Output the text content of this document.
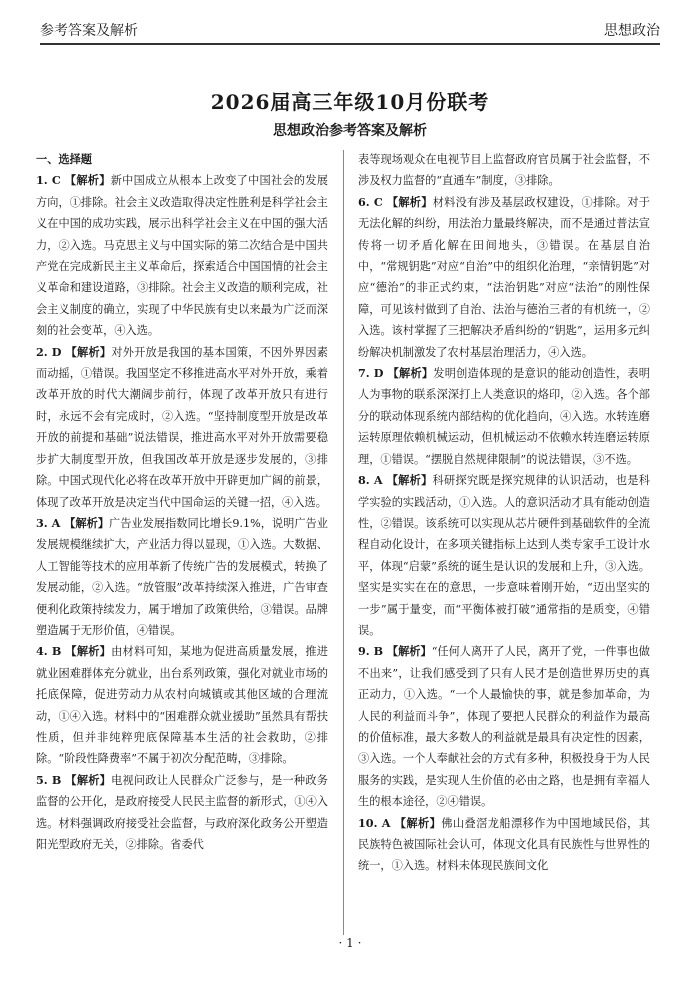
参考答案及解析	思想政治
2026届高三年级10月份联考
思想政治参考答案及解析
一、选择题

1. C 【解析】新中国成立从根本上改变了中国社会的发展方向，①排除。社会主义改造取得决定性胜利是科学社会主义在中国的成功实践，展示出科学社会主义在中国的强大活力，②入选。马克思主义与中国实际的第二次结合是中国共产党在完成新民主主义革命后，探索适合中国国情的社会主义革命和建设道路，③排除。社会主义改造的顺利完成，社会主义制度的确立，实现了中华民族有史以来最为广泛而深刻的社会变革，④入选。

2. D 【解析】对外开放是我国的基本国策，不因外界因素而动摇，①错误。我国坚定不移推进高水平对外开放，乘着改革开放的时代大潮阔步前行，体现了改革开放只有进行时，永远不会有完成时，②入选。“坚持制度型开放是改革开放的前提和基础”说法错误，推进高水平对外开放需要稳步扩大制度型开放，但我国改革开放是逐步发展的，③排除。中国式现代化必将在改革开放中开辟更加广阔的前景，体现了改革开放是决定当代中国命运的关键一招，④入选。

3. A 【解析】广告业发展指数同比增长9.1%，说明广告业发展规模继续扩大，产业活力得以显现，①入选。大数据、人工智能等技术的应用革新了传统广告的发展模式，转换了发展动能，②入选。“放管服”改革持续深入推进，广告审查便利化政策持续发力，属于增加了政策供给，③错误。品牌塑造属于无形价值，④错误。

4. B 【解析】由材料可知，某地为促进高质量发展，推进就业困难群体充分就业，出台系列政策，强化对就业市场的托底保障，促进劳动力从农村向城镇或其他区域的合理流动，①④入选。材料中的“困难群众就业援助”虽然具有帮扶性质，但并非纯粹兜底保障基本生活的社会救助，②排除。“阶段性降费率”不属于初次分配范畴，③排除。

5. B 【解析】电视问政让人民群众广泛参与，是一种政务监督的公开化，是政府接受人民民主监督的新形式，①④入选。材料强调政府接受社会监督，与政府深化政务公开塑造阳光型政府无关，②排除。省委代

表等现场观众在电视节目上监督政府官员属于社会监督，不涉及权力监督的“直通车”制度，③排除。

6. C 【解析】材料没有涉及基层政权建设，①排除。对于无法化解的纠纷，用法治力量最终解决，而不是通过普法宣传将一切矛盾化解在田间地头，③错误。在基层自治中，“常规钥匙”对应“自治”中的组织化治理，“亲情钥匙”对应“德治”的非正式约束，“法治钥匙”对应“法治”的刚性保障，可见该村做到了自治、法治与德治三者的有机统一，②入选。该村掌握了三把解决矛盾纠纷的“钥匙”，运用多元纠纷解决机制激发了农村基层治理活力，④入选。

7. D 【解析】发明创造体现的是意识的能动创造性，表明人为事物的联系深深打上人类意识的烙印，②入选。各个部分的联动体现系统内部结构的优化趋向，④入选。水转连磨运转原理依赖机械运动，但机械运动不依赖水转连磨运转原理，①错误。“摆脱自然规律限制”的说法错误，③不选。

8. A 【解析】科研探究既是探究规律的认识活动，也是科学实验的实践活动，①入选。人的意识活动才具有能动创造性，②错误。该系统可以实现从芯片硬件到基础软件的全流程自动化设计，在多项关键指标上达到人类专家手工设计水平，体现“启蒙”系统的诞生是认识的发展和上升，③入选。坚实是实实在在的意思，一步意味着刚开始，“迈出坚实的一步”属于量变，而“平衡体被打破”通常指的是质变，④错误。

9. B 【解析】“任何人离开了人民，离开了党，一件事也做不出来”，让我们感受到了只有人民才是创造世界历史的真正动力，①入选。“一个人最愉快的事，就是参加革命，为人民的利益而斗争”，体现了要把人民群众的利益作为最高的价值标准，最大多数人的利益就是最具有决定性的因素，③入选。一个人奉献社会的方式有多种，积极投身于为人民服务的实践，是实现人生价值的必由之路，也是拥有幸福人生的根本途径，②④错误。

10. A 【解析】佛山叠滘龙船漂移作为中国地域民俗，其民族特色被国际社会认可，体现文化具有民族性与世界性的统一，①入选。材料未体现民族间文化

· 1 ·
